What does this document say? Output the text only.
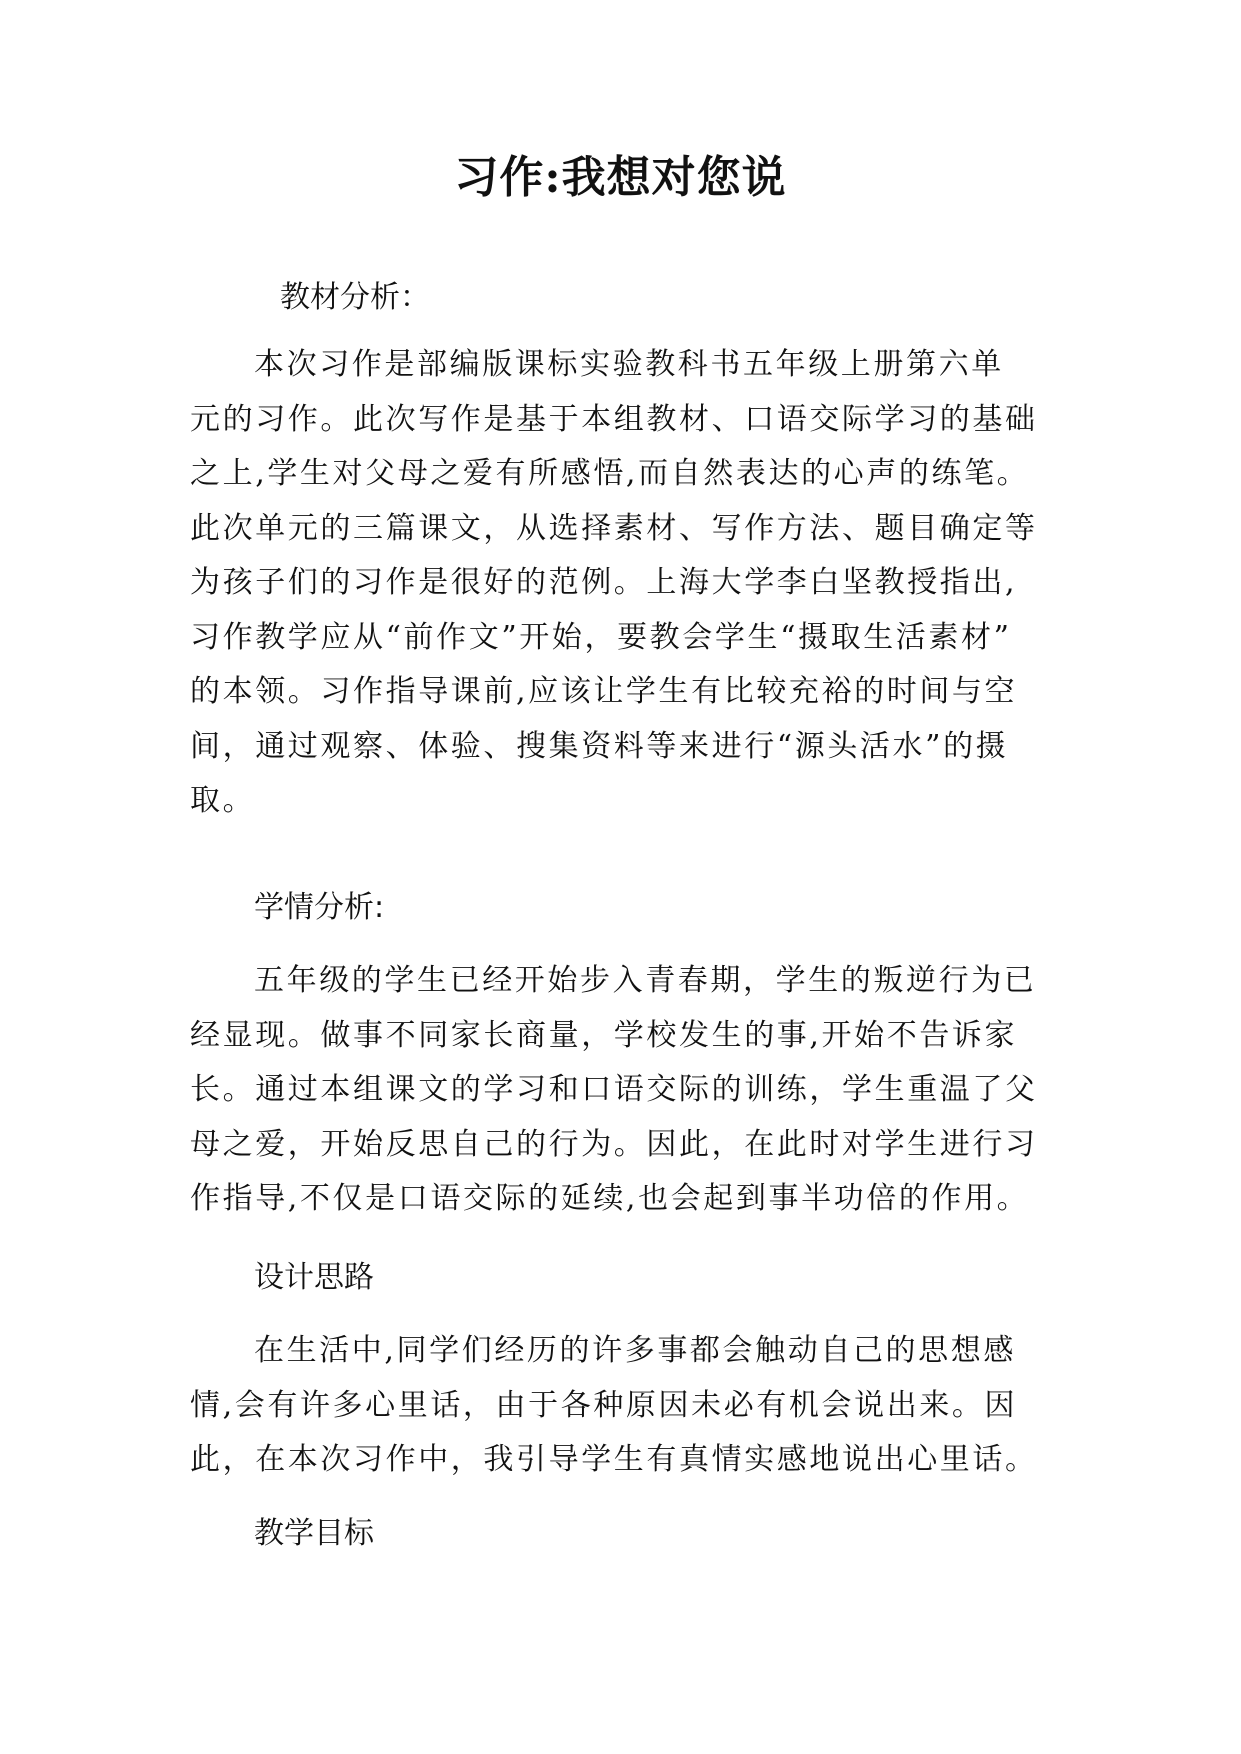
习作:我想对您说
教材分析：
本次习作是部编版课标实验教科书五年级上册第六单
元的习作。此次写作是基于本组教材、口语交际学习的基础
之上,学生对父母之爱有所感悟,而自然表达的心声的练笔。
此次单元的三篇课文，从选择素材、写作方法、题目确定等
为孩子们的习作是很好的范例。上海大学李白坚教授指出,
习作教学应从“前作文”开始，要教会学生“摄取生活素材”
的本领。习作指导课前,应该让学生有比较充裕的时间与空
间，通过观察、体验、搜集资料等来进行“源头活水”的摄
取。
学情分析:
五年级的学生已经开始步入青春期，学生的叛逆行为已
经显现。做事不同家长商量，学校发生的事,开始不告诉家
长。通过本组课文的学习和口语交际的训练，学生重温了父
母之爱，开始反思自己的行为。因此，在此时对学生进行习
作指导,不仅是口语交际的延续,也会起到事半功倍的作用。
设计思路
在生活中,同学们经历的许多事都会触动自己的思想感
情,会有许多心里话，由于各种原因未必有机会说出来。因
此，在本次习作中，我引导学生有真情实感地说出心里话。
教学目标
